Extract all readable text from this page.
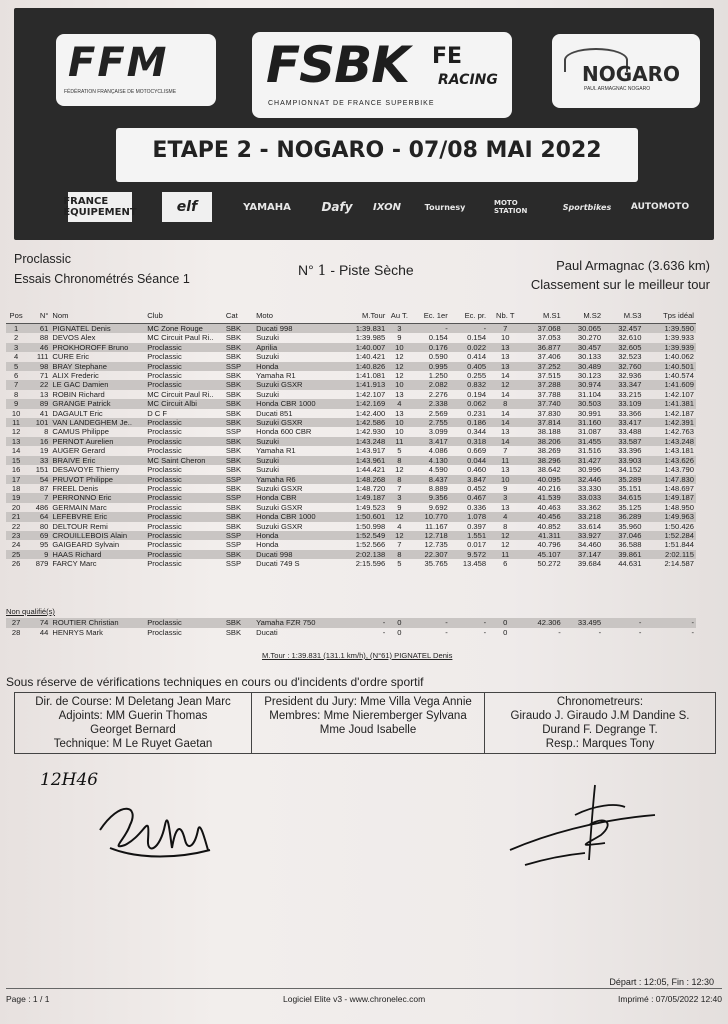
FFM
FÉDÉRATION FRANÇAISE DE MOTOCYCLISME FSBK FE
RACING
CHAMPIONNAT DE FRANCE SUPERBIKE
NOGARO
PAUL ARMAGNAC NOGARO
ETAPE 2 - NOGARO - 07/08 MAI 2022
FRANCE ÉQUIPEMENT	elf	YAMAHA	Dafy	IXON	Tournesy	MOTO STATION	Sportbikes	AUTOMOTO
Proclassic
Essais Chronométrés Séance 1
N° 1 - Piste Sèche	Paul Armagnac (3.636 km)
Classement sur le meilleur tour
Pos	N°	Nom	Club	Cat	Moto	M.Tour	Au T.	Ec. 1er	Ec. pr.	Nb. T	M.S1	M.S2	M.S3	Tps idéal
1	61	PIGNATEL Denis	MC Zone Rouge	SBK	Ducati 998	1:39.831	3	-	-	7	37.068	30.065	32.457	1:39.590
2	88	DEVOS Alex	MC Circuit Paul Ri..	SBK	Suzuki	1:39.985	9	0.154	0.154	10	37.053	30.270	32.610	1:39.933
3	46	PROKHOROFF Bruno	Proclassic	SBK	Aprilia	1:40.007	10	0.176	0.022	13	36.877	30.457	32.605	1:39.939
4	111	CURE Eric	Proclassic	SBK	Suzuki	1:40.421	12	0.590	0.414	13	37.406	30.133	32.523	1:40.062
5	98	BRAY Stephane	Proclassic	SSP	Honda	1:40.826	12	0.995	0.405	13	37.252	30.489	32.760	1:40.501
6	71	ALIX Frederic	Proclassic	SBK	Yamaha R1	1:41.081	12	1.250	0.255	14	37.515	30.123	32.936	1:40.574
7	22	LE GAC Damien	Proclassic	SBK	Suzuki GSXR	1:41.913	10	2.082	0.832	12	37.288	30.974	33.347	1:41.609
8	13	ROBIN Richard	MC Circuit Paul Ri..	SBK	Suzuki	1:42.107	13	2.276	0.194	14	37.788	31.104	33.215	1:42.107
9	89	GRANGE Patrick	MC Circuit Albi	SBK	Honda CBR 1000	1:42.169	4	2.338	0.062	8	37.740	30.503	33.109	1:41.381
10	41	DAGAULT Eric	D C F	SBK	Ducati 851	1:42.400	13	2.569	0.231	14	37.830	30.991	33.366	1:42.187
11	101	VAN LANDEGHEM Je..	Proclassic	SBK	Suzuki GSXR	1:42.586	10	2.755	0.186	14	37.814	31.160	33.417	1:42.391
12	8	CAMUS Philippe	Proclassic	SSP	Honda 600 CBR	1:42.930	10	3.099	0.344	13	38.188	31.087	33.488	1:42.763
13	16	PERNOT Aurelien	Proclassic	SBK	Suzuki	1:43.248	11	3.417	0.318	14	38.206	31.455	33.587	1:43.248
14	19	AUGER Gerard	Proclassic	SBK	Yamaha R1	1:43.917	5	4.086	0.669	7	38.269	31.516	33.396	1:43.181
15	33	BRAIVE Eric	MC Saint Cheron	SBK	Suzuki	1:43.961	8	4.130	0.044	11	38.296	31.427	33.903	1:43.626
16	151	DESAVOYE Thierry	Proclassic	SBK	Suzuki	1:44.421	12	4.590	0.460	13	38.642	30.996	34.152	1:43.790
17	54	PRUVOT Philippe	Proclassic	SSP	Yamaha R6	1:48.268	8	8.437	3.847	10	40.095	32.446	35.289	1:47.830
18	87	FREEL Denis	Proclassic	SBK	Suzuki GSXR	1:48.720	7	8.889	0.452	9	40.216	33.330	35.151	1:48.697
19	7	PERRONNO Eric	Proclassic	SSP	Honda CBR	1:49.187	3	9.356	0.467	3	41.539	33.033	34.615	1:49.187
20	486	GERMAIN Marc	Proclassic	SBK	Suzuki GSXR	1:49.523	9	9.692	0.336	13	40.463	33.362	35.125	1:48.950
21	64	LEFEBVRE Eric	Proclassic	SBK	Honda CBR 1000	1:50.601	12	10.770	1.078	4	40.456	33.218	36.289	1:49.963
22	80	DELTOUR Remi	Proclassic	SBK	Suzuki GSXR	1:50.998	4	11.167	0.397	8	40.852	33.614	35.960	1:50.426
23	69	CROUILLEBOIS Alain	Proclassic	SSP	Honda	1:52.549	12	12.718	1.551	12	41.311	33.927	37.046	1:52.284
24	95	GAIGEARD Sylvain	Proclassic	SSP	Honda	1:52.566	7	12.735	0.017	12	40.796	34.460	36.588	1:51.844
25	9	HAAS Richard	Proclassic	SBK	Ducati 998	2:02.138	8	22.307	9.572	11	45.107	37.147	39.861	2:02.115
26	879	FARCY Marc	Proclassic	SSP	Ducati 749 S	2:15.596	5	35.765	13.458	6	50.272	39.684	44.631	2:14.587
Non qualifié(s)
27	74	ROUTIER Christian	Proclassic	SBK	Yamaha FZR 750	-	0	-	-	0	42.306	33.495	-	-
28	44	HENRYS Mark	Proclassic	SBK	Ducati	-	0	-	-	0	-	-	-	-
M.Tour : 1:39.831 (131.1 km/h), (N°61) PIGNATEL Denis
Sous réserve de vérifications techniques en cours ou d'incidents d'ordre sportif
Dir. de Course: M Deletang Jean Marc
Adjoints: MM Guerin Thomas
Georget Bernard
Technique: M Le Ruyet Gaetan
President du Jury: Mme Villa Vega Annie
Membres: Mme Nieremberger Sylvana
Mme Joud Isabelle
Chronometreurs:
Giraudo J. Giraudo J.M Dandine S.
Durand F. Degrange T.
Resp.: Marques Tony
12H46
Départ : 12:05, Fin : 12:30
Page : 1 / 1	Logiciel Elite v3 - www.chronelec.com	Imprimé : 07/05/2022 12:40
